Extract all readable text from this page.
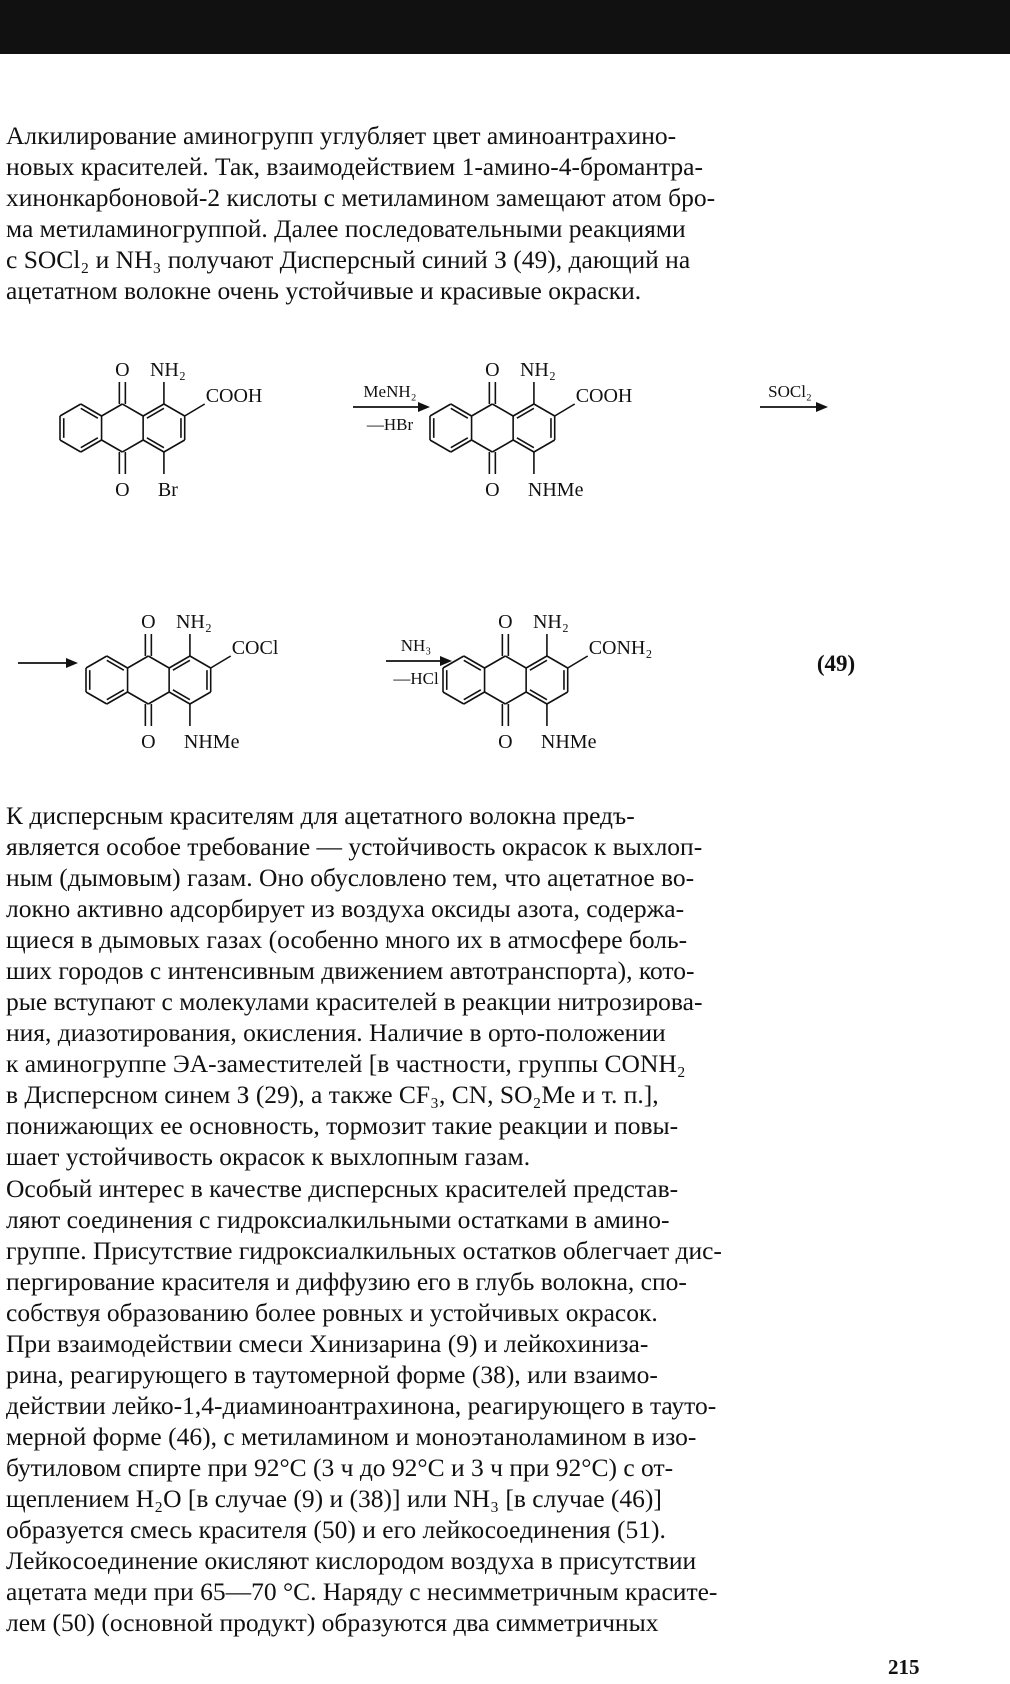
Алкилирование аминогрупп углубляет цвет аминоантрахино-
новых красителей. Так, взаимодействием 1-амино-4-бромантра-
хинонкарбоновой-2 кислоты с метиламином замещают атом бро-
ма метиламиногруппой. Далее последовательными реакциями
с SOCl₂ и NH₃ получают Дисперсный синий З (49), дающий на
ацетатном волокне очень устойчивые и красивые окраски.

O
O
NH₂
Br
COOH
O
O
NH₂
NHMe
COOH
O
O
NH₂
NHMe
COCl
O
O
NH₂
NHMe
CONH₂
MeNH₂
—HBr
SOCl₂
NH₃
—HCl
(49)

К дисперсным красителям для ацетатного волокна предъ-
является особое требование — устойчивость окрасок к выхлоп-
ным (дымовым) газам. Оно обусловлено тем, что ацетатное во-
локно активно адсорбирует из воздуха оксиды азота, содержа-
щиеся в дымовых газах (особенно много их в атмосфере боль-
ших городов с интенсивным движением автотранспорта), кото-
рые вступают с молекулами красителей в реакции нитрозирова-
ния, диазотирования, окисления. Наличие в орто-положении
к аминогруппе ЭА-заместителей [в частности, группы CONH₂
в Дисперсном синем З (29), а также CF₃, CN, SO₂Me и т. п.],
понижающих ее основность, тормозит такие реакции и повы-
шает устойчивость окрасок к выхлопным газам.

Особый интерес в качестве дисперсных красителей представ-
ляют соединения с гидроксиалкильными остатками в амино-
группе. Присутствие гидроксиалкильных остатков облегчает дис-
пергирование красителя и диффузию его в глубь волокна, спо-
собствуя образованию более ровных и устойчивых окрасок.

При взаимодействии смеси Хинизарина (9) и лейкохиниза-
рина, реагирующего в таутомерной форме (38), или взаимо-
действии лейко-1,4-диаминоантрахинона, реагирующего в тауто-
мерной форме (46), с метиламином и моноэтаноламином в изо-
бутиловом спирте при 92°C (3 ч до 92°C и 3 ч при 92°C) с от-
щеплением H₂O [в случае (9) и (38)] или NH₃ [в случае (46)]
образуется смесь красителя (50) и его лейкосоединения (51).
Лейкосоединение окисляют кислородом воздуха в присутствии
ацетата меди при 65—70 °C. Наряду с несимметричным красите-
лем (50) (основной продукт) образуются два симметричных

215
